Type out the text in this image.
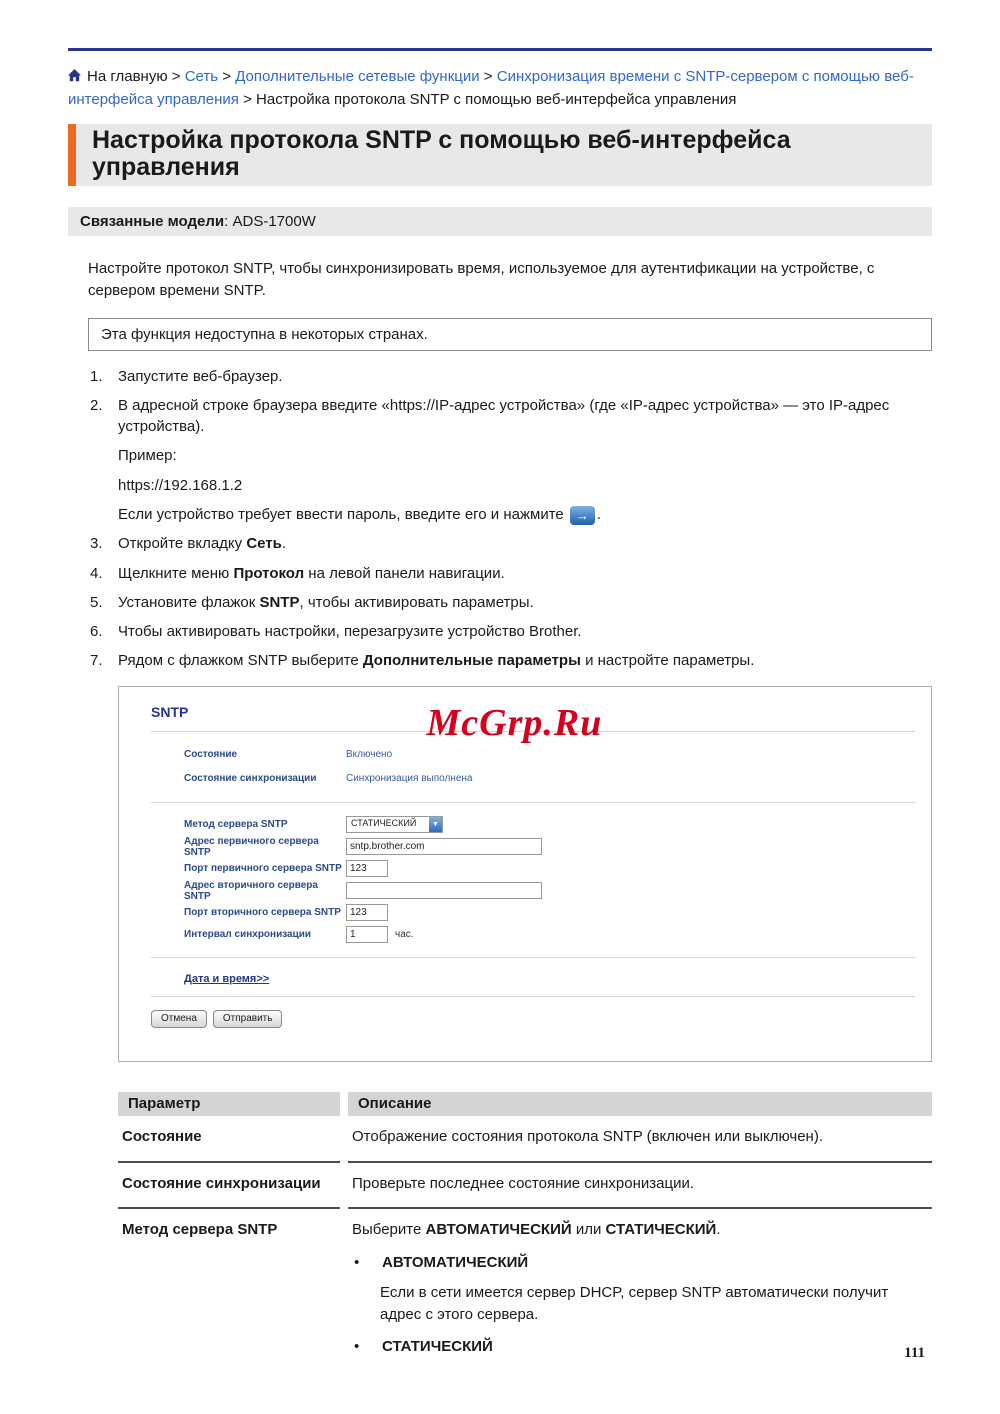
На главную > Сеть > Дополнительные сетевые функции > Синхронизация времени с SNTP-сервером с помощью веб-интерфейса управления > Настройка протокола SNTP с помощью веб-интерфейса управления
Настройка протокола SNTP с помощью веб-интерфейса управления
Связанные модели: ADS-1700W

Настройте протокол SNTP, чтобы синхронизировать время, используемое для аутентификации на устройстве, с сервером времени SNTP.

Эта функция недоступна в некоторых странах.
1.	Запустите веб-браузер.
2.	В адресной строке браузера введите «https://IP-адрес устройства» (где «IP-адрес устройства» — это IP-адрес устройства).
Пример:
https://192.168.1.2
Если устройство требует ввести пароль, введите его и нажмите → .
3.	Откройте вкладку Сеть.
4.	Щелкните меню Протокол на левой панели навигации.
5.	Установите флажок SNTP, чтобы активировать параметры.
6.	Чтобы активировать настройки, перезагрузите устройство Brother.
7.	Рядом с флажком SNTP выберите Дополнительные параметры и настройте параметры.
SNTP	McGrp.Ru
Состояние	Включено
Состояние синхронизации	Синхронизация выполнена
Метод сервера SNTP	СТАТИЧЕСКИЙ	▼
Адрес первичного сервера SNTP	sntp.brother.com
Порт первичного сервера SNTP 123
Адрес вторичного сервера SNTP
Порт вторичного сервера SNTP 123
Интервал синхронизации	1	час.
Дата и время>>
Отмена	Отправить
Параметр	Описание
Состояние	Отображение состояния протокола SNTP (включен или выключен).
Состояние синхронизации	Проверьте последнее состояние синхронизации.
Метод сервера SNTP	Выберите АВТОМАТИЧЕСКИЙ или СТАТИЧЕСКИЙ.
•	АВТОМАТИЧЕСКИЙ
Если в сети имеется сервер DHCP, сервер SNTP автоматически получит адрес с этого сервера.
•	СТАТИЧЕСКИЙ	111
